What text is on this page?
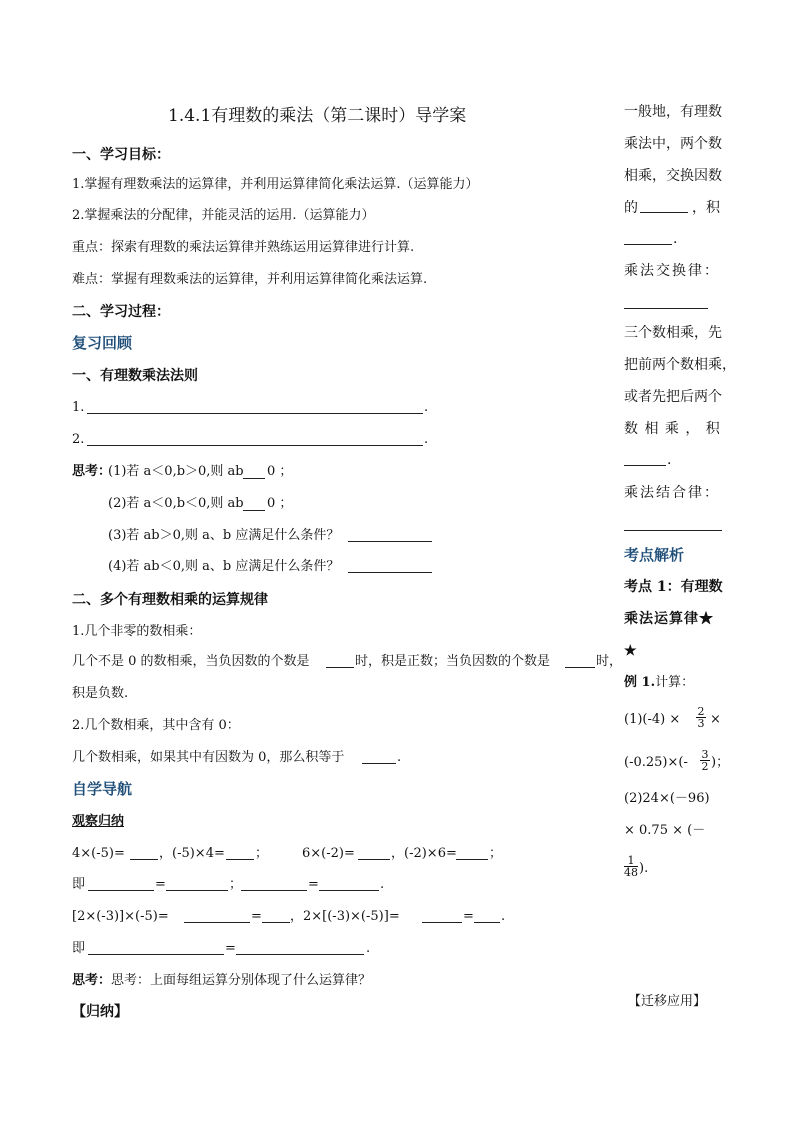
1.4.1有理数的乘法（第二课时）导学案
一、学习目标：
1.掌握有理数乘法的运算律，并利用运算律简化乘法运算.（运算能力）
2.掌握乘法的分配律，并能灵活的运用.（运算能力）
重点：探索有理数的乘法运算律并熟练运用运算律进行计算.
难点：掌握有理数乘法的运算律，并利用运算律简化乘法运算.
二、学习过程：
复习回顾
一、有理数乘法法则
1.	.
2.	.
思考：
(1)若 a＜0,b＞0,则 ab 0 ；
(2)若 a＜0,b＜0,则 ab 0 ；
(3)若 ab＞0,则 a、b 应满足什么条件？
(4)若 ab＜0,则 a、b 应满足什么条件？
二、多个有理数相乘的运算规律
1.几个非零的数相乘：
几个不是 0 的数相乘，当负因数的个数是	时，积是正数；当负因数的个数是	时，
积是负数.
2.几个数相乘，其中含有 0：
几个数相乘，如果其中有因数为 0，那么积等于	.
自学导航
观察归纳
4×(-5)=	，(-5)×4= ；	6×(-2)=	，(-2)×6= ；
即	=	；	=	.
[2×(-3)]×(-5)=	= ，2×[(-3)×(-5)]=	= .
即	=	.
思考：思考：上面每组运算分别体现了什么运算律？
【归纳】
一般地，有理数
乘法中，两个数
相乘，交换因数
的	，积
.
乘法交换律：
三个数相乘，先
把前两个数相乘，
或者先把后两个
数 相 乘 ， 积
.
乘法结合律：
考点解析
考点 1：有理数
乘法运算律★
★
例 1.计算：
(1)(-4) ×
2
3 ×
(-0.25)×(-
3
2 )；
(2)24×(－96)
× 0.75 × (－
1
48 ).
【迁移应用】
